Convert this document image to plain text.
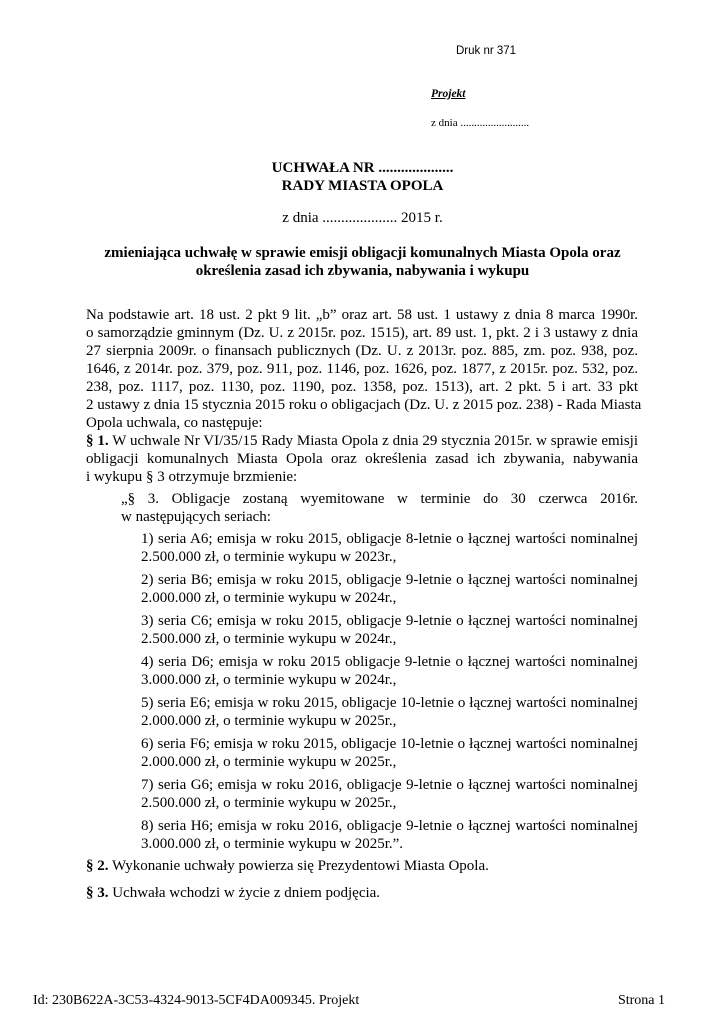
Druk nr 371
Projekt
z dnia .........................
UCHWAŁA NR ....................
RADY MIASTA OPOLA
z dnia .................... 2015 r.
zmieniająca uchwałę w sprawie emisji obligacji komunalnych Miasta Opola oraz
określenia zasad ich zbywania, nabywania i wykupu
Na podstawie art. 18 ust. 2 pkt 9 lit. „b” oraz art. 58 ust. 1 ustawy z dnia 8 marca 1990r.
o samorządzie gminnym (Dz. U. z 2015r. poz. 1515), art. 89 ust. 1, pkt. 2 i 3 ustawy z dnia
27 sierpnia 2009r. o finansach publicznych (Dz. U. z 2013r. poz. 885, zm. poz. 938, poz.
1646, z 2014r. poz. 379, poz. 911, poz. 1146, poz. 1626, poz. 1877, z 2015r. poz. 532, poz.
238, poz. 1117, poz. 1130, poz. 1190, poz. 1358, poz. 1513), art. 2 pkt. 5 i art. 33 pkt
2 ustawy z dnia 15 stycznia 2015 roku o obligacjach (Dz. U. z 2015 poz. 238) - Rada Miasta
Opola uchwala, co następuje:
§ 1. W uchwale Nr VI/35/15 Rady Miasta Opola z dnia 29 stycznia 2015r. w sprawie emisji
obligacji komunalnych Miasta Opola oraz określenia zasad ich zbywania, nabywania
i wykupu § 3 otrzymuje brzmienie:
„§ 3. Obligacje zostaną wyemitowane w terminie do 30 czerwca 2016r.
w następujących seriach:
1) seria A6; emisja w roku 2015, obligacje 8-letnie o łącznej wartości nominalnej
2.500.000 zł, o terminie wykupu w 2023r.,
2) seria B6; emisja w roku 2015, obligacje 9-letnie o łącznej wartości nominalnej
2.000.000 zł, o terminie wykupu w 2024r.,
3) seria C6; emisja w roku 2015, obligacje 9-letnie o łącznej wartości nominalnej
2.500.000 zł, o terminie wykupu w 2024r.,
4) seria D6; emisja w roku 2015 obligacje 9-letnie o łącznej wartości nominalnej
3.000.000 zł, o terminie wykupu w 2024r.,
5) seria E6; emisja w roku 2015, obligacje 10-letnie o łącznej wartości nominalnej
2.000.000 zł, o terminie wykupu w 2025r.,
6) seria F6; emisja w roku 2015, obligacje 10-letnie o łącznej wartości nominalnej
2.000.000 zł, o terminie wykupu w 2025r.,
7) seria G6; emisja w roku 2016, obligacje 9-letnie o łącznej wartości nominalnej
2.500.000 zł, o terminie wykupu w 2025r.,
8) seria H6; emisja w roku 2016, obligacje 9-letnie o łącznej wartości nominalnej
3.000.000 zł, o terminie wykupu w 2025r.”.
§ 2. Wykonanie uchwały powierza się Prezydentowi Miasta Opola.
§ 3. Uchwała wchodzi w życie z dniem podjęcia.
Id: 230B622A-3C53-4324-9013-5CF4DA009345. Projekt	Strona 1
